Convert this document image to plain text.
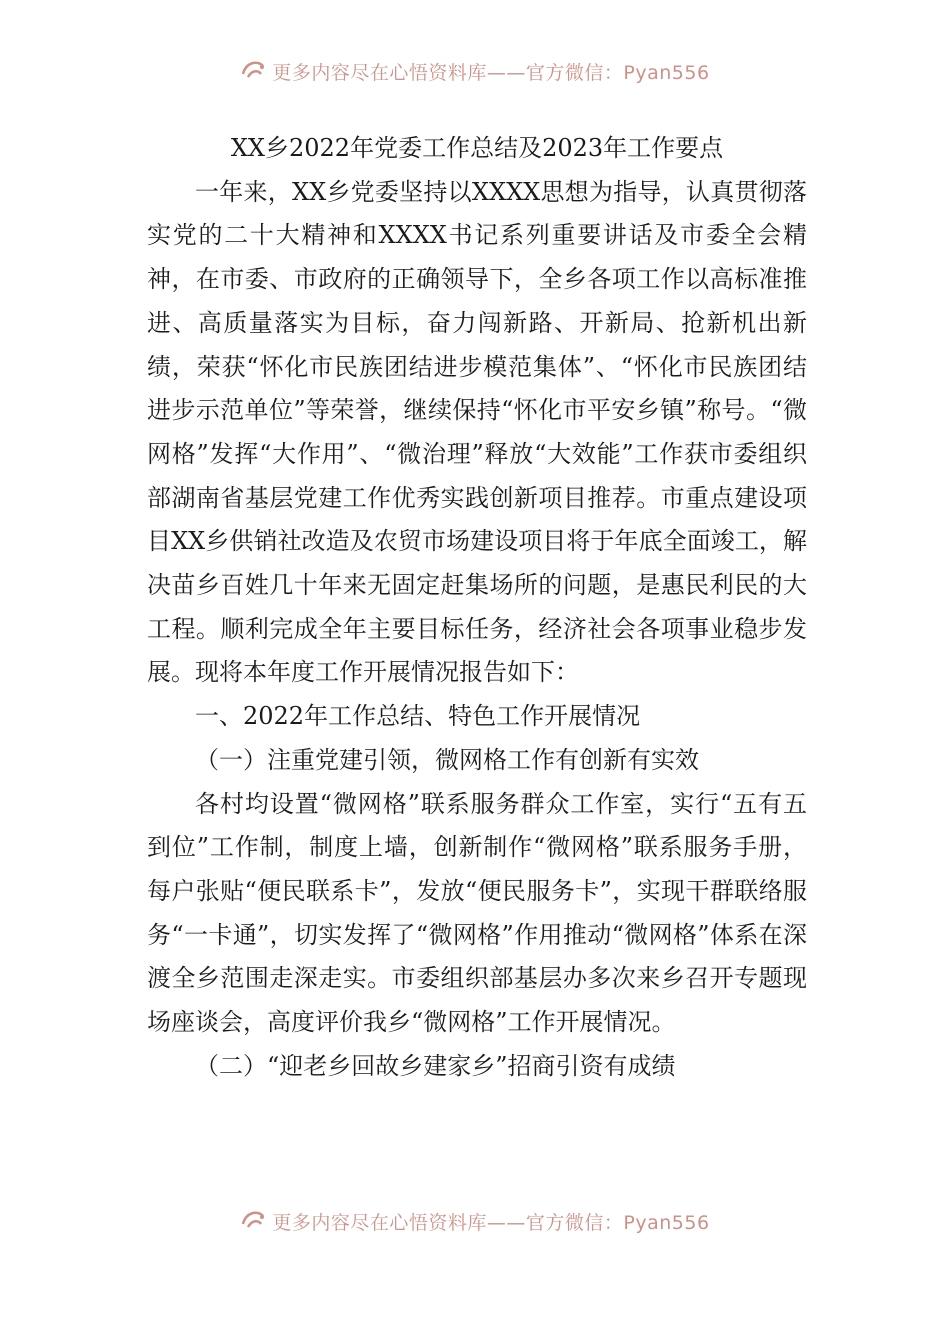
更多内容尽在心悟资料库——官方微信：Pyan556

XX乡2022年党委工作总结及2023年工作要点

一年来，XX乡党委坚持以XXXX思想为指导，认真贯彻落实党的二十大精神和XXXX书记系列重要讲话及市委全会精神，在市委、市政府的正确领导下，全乡各项工作以高标准推进、高质量落实为目标，奋力闯新路、开新局、抢新机出新绩，荣获“怀化市民族团结进步模范集体”、“怀化市民族团结进步示范单位”等荣誉，继续保持“怀化市平安乡镇”称号。“微网格”发挥“大作用”、“微治理”释放“大效能”工作获市委组织部湖南省基层党建工作优秀实践创新项目推荐。市重点建设项目XX乡供销社改造及农贸市场建设项目将于年底全面竣工，解决苗乡百姓几十年来无固定赶集场所的问题，是惠民利民的大工程。顺利完成全年主要目标任务，经济社会各项事业稳步发展。现将本年度工作开展情况报告如下：

一、2022年工作总结、特色工作开展情况

（一）注重党建引领，微网格工作有创新有实效

各村均设置“微网格”联系服务群众工作室，实行“五有五到位”工作制，制度上墙，创新制作“微网格”联系服务手册，每户张贴“便民联系卡”，发放“便民服务卡”，实现干群联络服务“一卡通”，切实发挥了“微网格”作用推动“微网格”体系在深渡全乡范围走深走实。市委组织部基层办多次来乡召开专题现场座谈会，高度评价我乡“微网格”工作开展情况。

（二）“迎老乡回故乡建家乡”招商引资有成绩

更多内容尽在心悟资料库——官方微信：Pyan556
